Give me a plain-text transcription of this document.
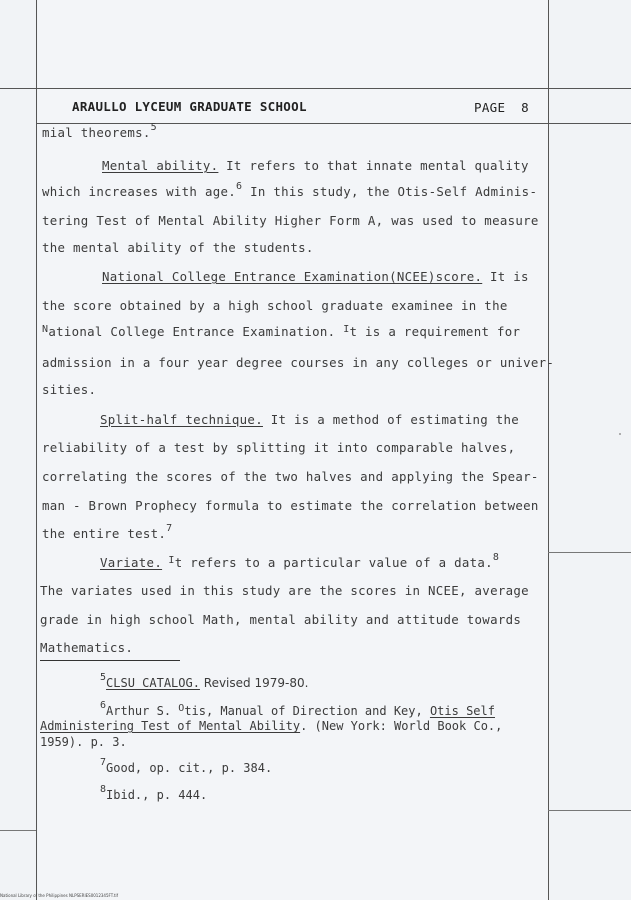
ARAULLO LYCEUM GRADUATE SCHOOL	PAGE 8
mial theorems.$^5$
Mental ability. It refers to that innate mental quality
which increases with age.$^6$ In this study, the Otis-Self Adminis-
tering Test of Mental Ability Higher Form A, was used to measure
the mental ability of the students.
National College Entrance Examination(NCEE)score. It is
the score obtained by a high school graduate examinee in the
$^N$ational College Entrance Examination. $^I$t is a requirement for
admission in a four year degree courses in any colleges or univer-
sities.
Split-half technique. It is a method of estimating the
reliability of a test by splitting it into comparable halves,
correlating the scores of the two halves and applying the Spear-
man - Brown Prophecy formula to estimate the correlation between
the entire test.$^7$
Variate. $^I$t refers to a particular value of a data.$^8$
The variates used in this study are the scores in NCEE, average
grade in high school Math, mental ability and attitude towards
Mathematics.
$^5$CLSU CATALOG. Revised 1979-80.
$^6$Arthur S. $^O$tis, Manual of Direction and Key, Otis Self
Administering Test of Mental Ability. (New York: World Book Co.,
1959). p. 3.
$^7$Good, op. cit., p. 384.
$^8$Ibid., p. 444.
National Library of the Philippines NLPSERIES0012345FT.tif
